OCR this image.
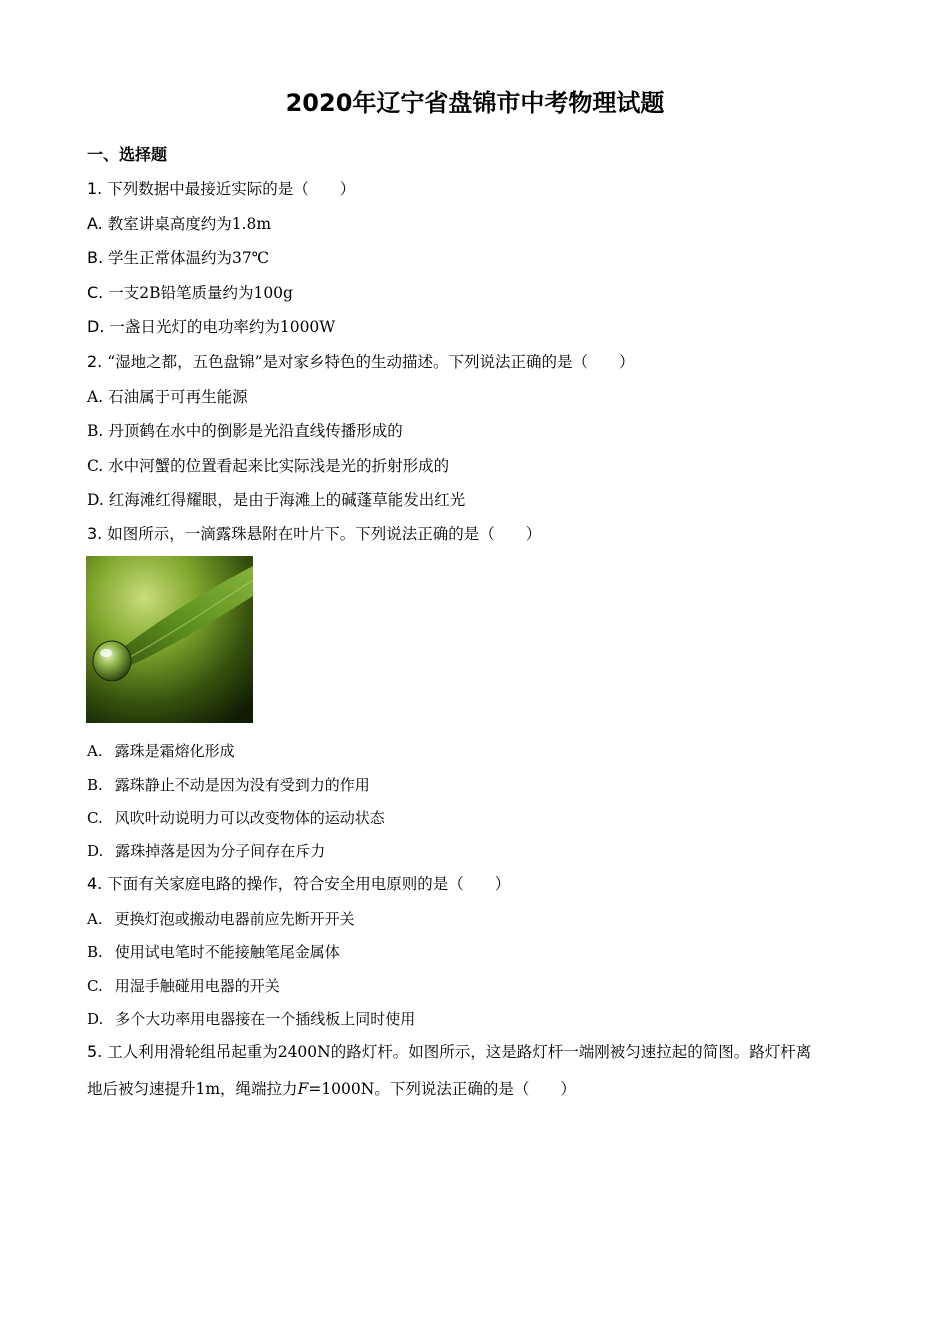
2020年辽宁省盘锦市中考物理试题
一、选择题
1. 下列数据中最接近实际的是（　　）
A. 教室讲桌高度约为1.8m
B. 学生正常体温约为37℃
C. 一支2B铅笔质量约为100g
D. 一盏日光灯的电功率约为1000W
2. “湿地之都，五色盘锦”是对家乡特色的生动描述。下列说法正确的是（　　）
A. 石油属于可再生能源
B. 丹顶鹤在水中的倒影是光沿直线传播形成的
C. 水中河蟹的位置看起来比实际浅是光的折射形成的
D. 红海滩红得耀眼，是由于海滩上的碱蓬草能发出红光
3. 如图所示，一滴露珠悬附在叶片下。下列说法正确的是（　　）
A. 露珠是霜熔化形成
B. 露珠静止不动是因为没有受到力的作用
C. 风吹叶动说明力可以改变物体的运动状态
D. 露珠掉落是因为分子间存在斥力
4. 下面有关家庭电路的操作，符合安全用电原则的是（　　）
A. 更换灯泡或搬动电器前应先断开开关
B. 使用试电笔时不能接触笔尾金属体
C. 用湿手触碰用电器的开关
D. 多个大功率用电器接在一个插线板上同时使用
5. 工人利用滑轮组吊起重为2400N的路灯杆。如图所示，这是路灯杆一端刚被匀速拉起的简图。路灯杆离
地后被匀速提升1m，绳端拉力F=1000N。下列说法正确的是（　　）
